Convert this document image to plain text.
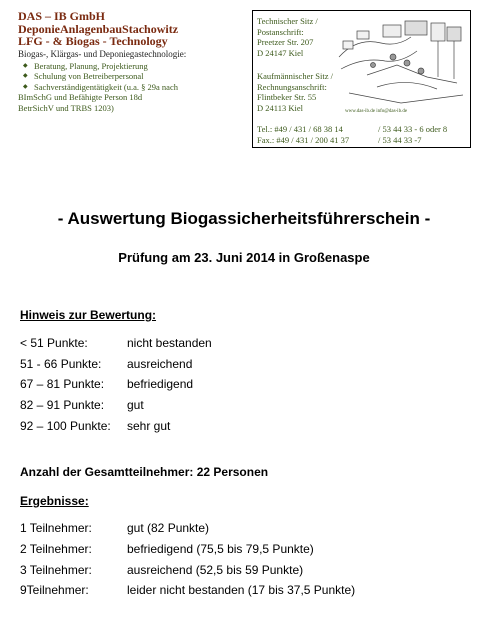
DAS – IB GmbH
DeponieAnlagenbauStachowitz
LFG - & Biogas - Technology
Biogas-, Klärgas- und Deponiegastechnologie:
◆ Beratung, Planung, Projektierung
◆ Schulung von Betreiberpersonal
◆ Sachverständigentätigkeit (u.a. § 29a nach
BImSchG und Befähigte Person 18d
BetrSichV und TRBS 1203)
Technischer Sitz /
Postanschrift:
Preetzer Str. 207
D 24147 Kiel
Kaufmännischer Sitz /
Rechnungsanschrift:
Flintbeker Str. 55
D 24113 Kiel	www.das-ib.de info@das-ib.de
Tel.: #49 / 431 / 68 38 14	/ 53 44 33 - 6 oder 8
Fax.: #49 / 431 / 200 41 37	/ 53 44 33 -7
- Auswertung Biogassicherheitsführerschein -
Prüfung am 23. Juni 2014 in Großenaspe
Hinweis zur Bewertung:
< 51 Punkte:	nicht bestanden
51 - 66 Punkte: ausreichend
67 – 81 Punkte: befriedigend
82 – 91 Punkte: gut
92 – 100 Punkte: sehr gut
Anzahl der Gesamtteilnehmer: 22 Personen
Ergebnisse:
1 Teilnehmer:	gut (82 Punkte)
2 Teilnehmer:	befriedigend (75,5 bis 79,5 Punkte)
3 Teilnehmer:	ausreichend (52,5 bis 59 Punkte)
9Teilnehmer:	leider nicht bestanden (17 bis 37,5 Punkte)
